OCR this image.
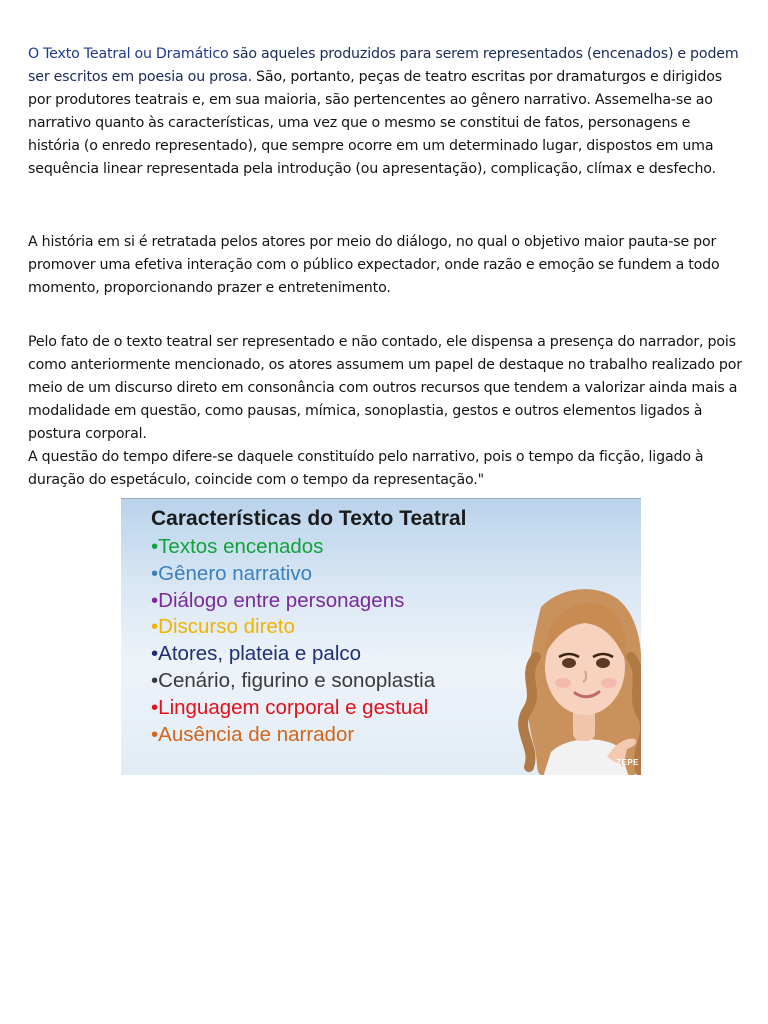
O Texto Teatral ou Dramático são aqueles produzidos para serem representados (encenados) e podem ser escritos em poesia ou prosa. São, portanto, peças de teatro escritas por dramaturgos e dirigidos por produtores teatrais e, em sua maioria, são pertencentes ao gênero narrativo. Assemelha-se ao narrativo quanto às características, uma vez que o mesmo se constitui de fatos, personagens e história (o enredo representado), que sempre ocorre em um determinado lugar, dispostos em uma sequência linear representada pela introdução (ou apresentação), complicação, clímax e desfecho.

A história em si é retratada pelos atores por meio do diálogo, no qual o objetivo maior pauta-se por promover uma efetiva interação com o público expectador, onde razão e emoção se fundem a todo momento, proporcionando prazer e entretenimento.

Pelo fato de o texto teatral ser representado e não contado, ele dispensa a presença do narrador, pois como anteriormente mencionado, os atores assumem um papel de destaque no trabalho realizado por meio de um discurso direto em consonância com outros recursos que tendem a valorizar ainda mais a modalidade em questão, como pausas, mímica, sonoplastia, gestos e outros elementos ligados à postura corporal.

A questão do tempo difere-se daquele constituído pelo narrativo, pois o tempo da ficção, ligado à duração do espetáculo, coincide com o tempo da representação."

Características do Texto Teatral
•Textos encenados
•Gênero narrativo
•Diálogo entre personagens
•Discurso direto
•Atores, plateia e palco
•Cenário, figurino e sonoplastia
•Linguagem corporal e gestual
•Ausência de narrador
ZEPE
